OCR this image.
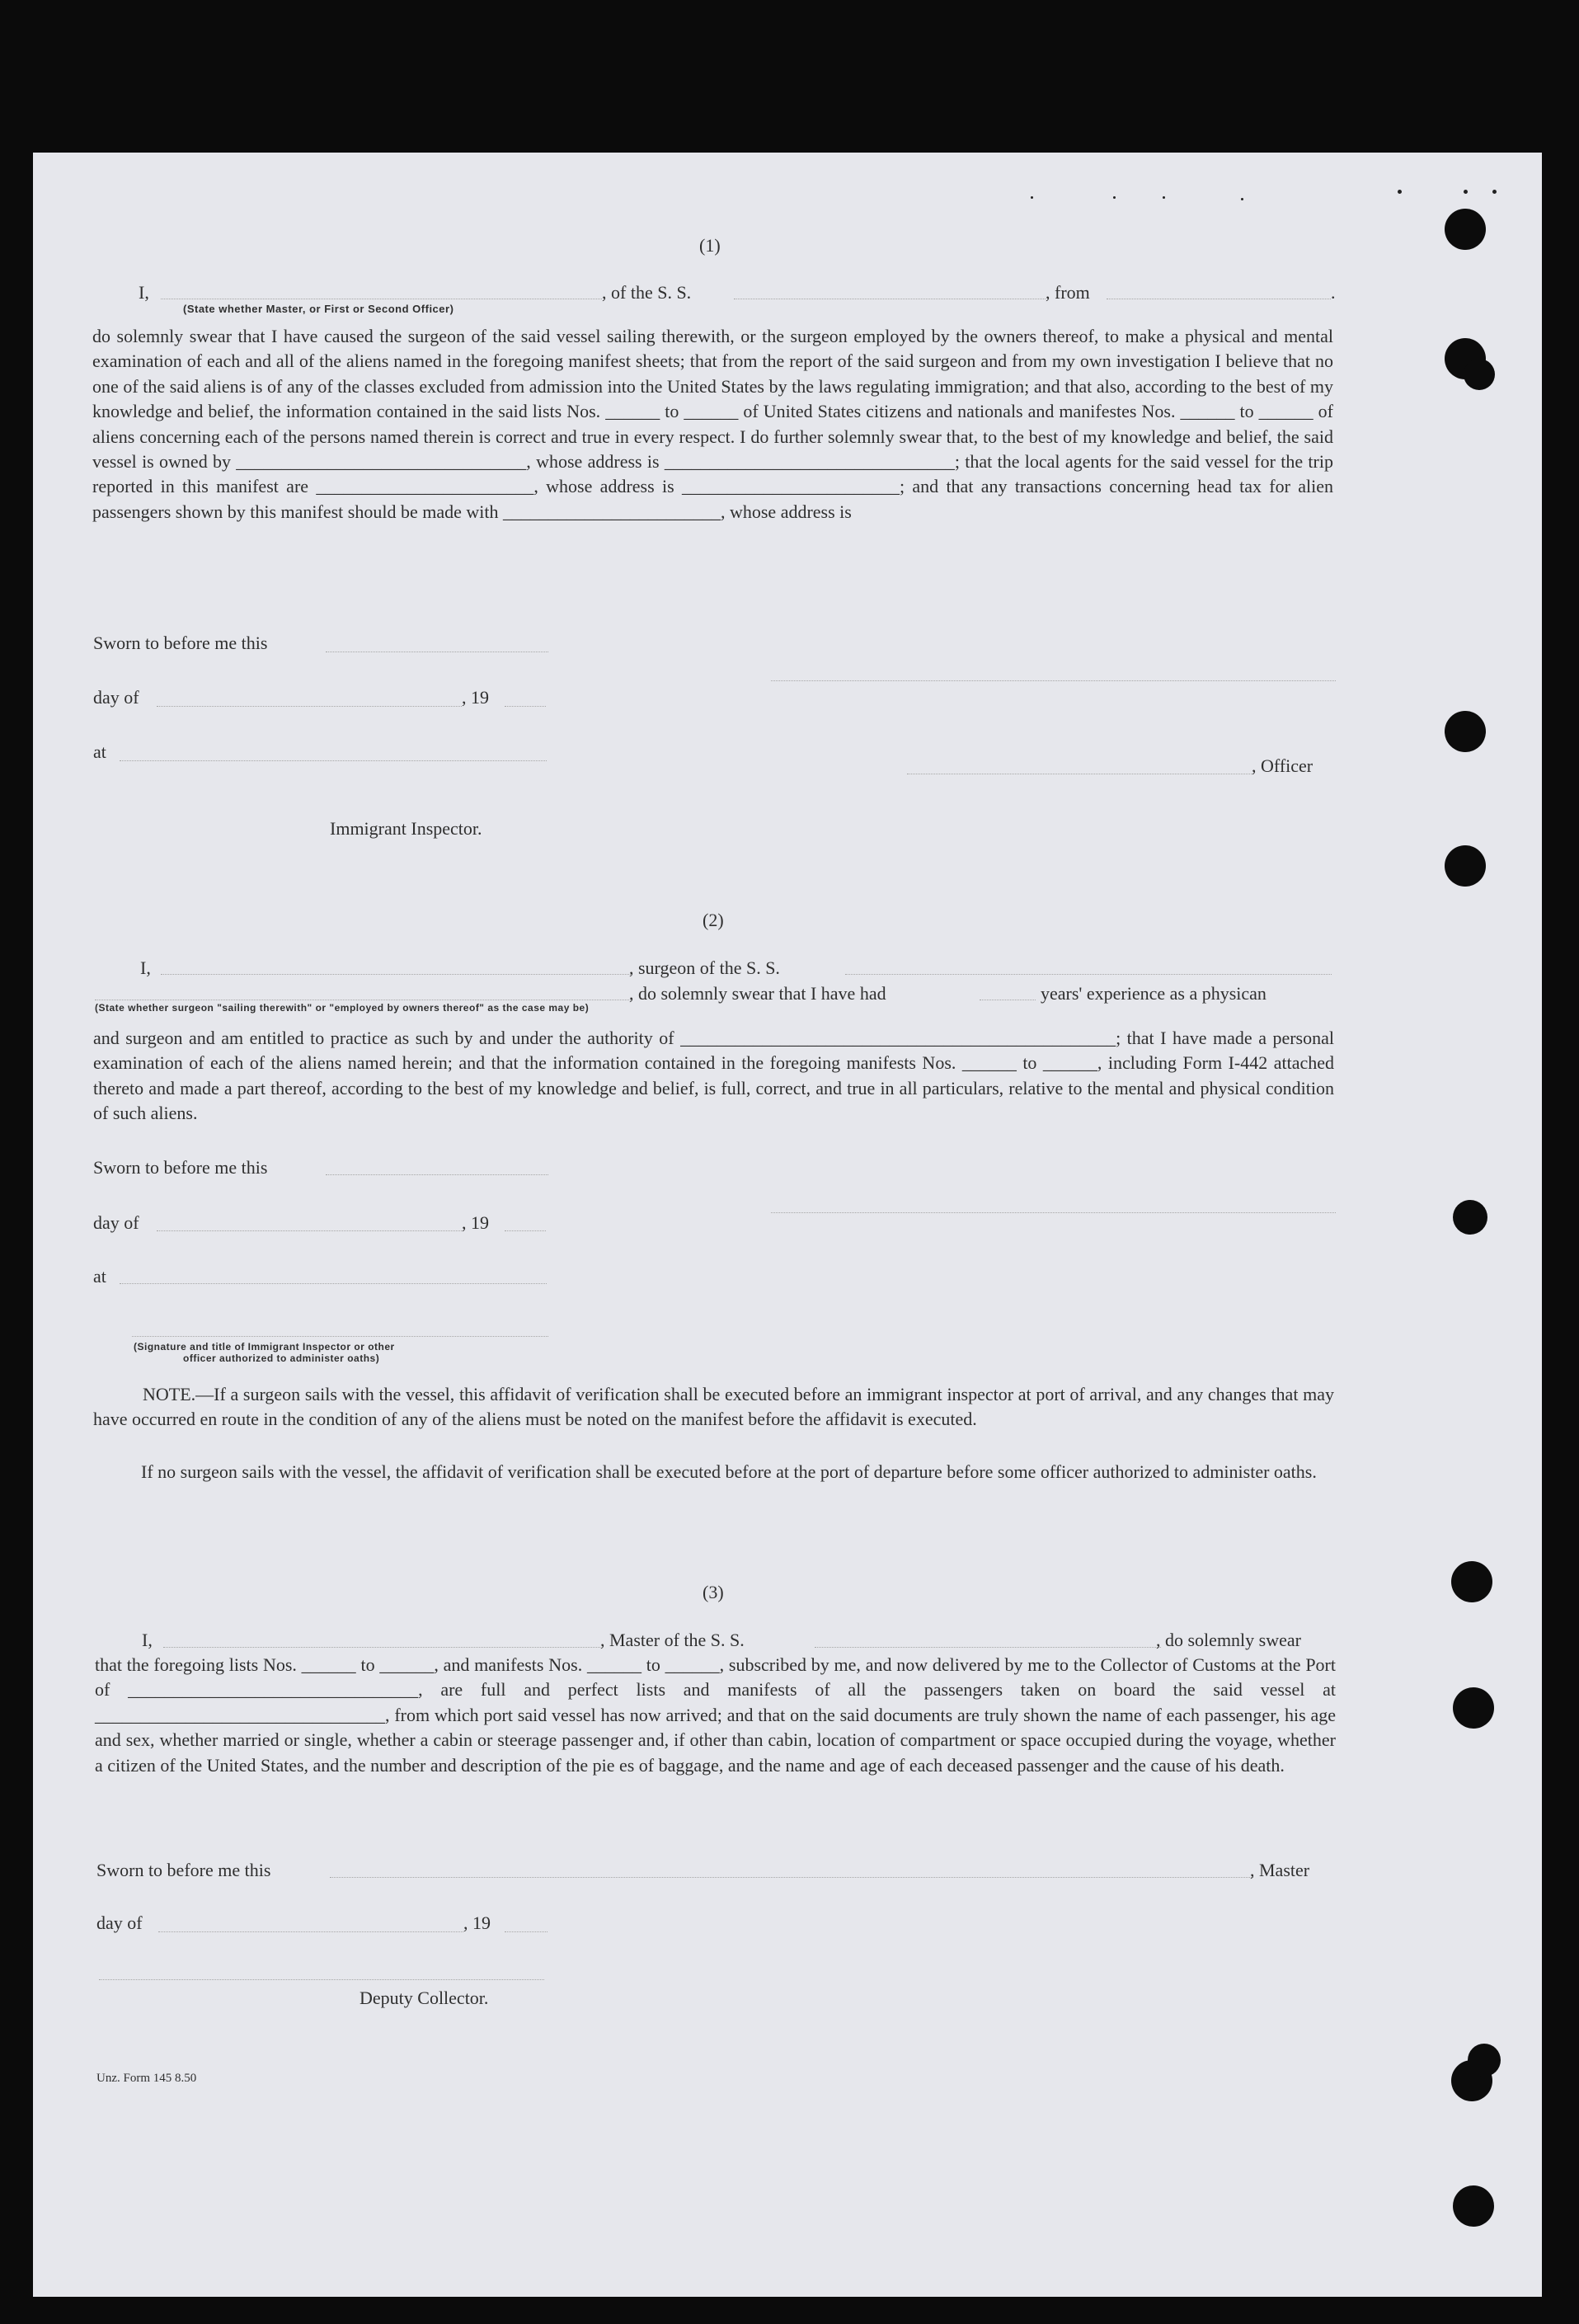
(1)
I,	, of the S. S.	, from	.
(State whether Master, or First or Second Officer)
do solemnly swear that I have caused the surgeon of the said vessel sailing therewith, or the surgeon employed by the owners thereof, to make a physical and mental examination of each and all of the aliens named in the foregoing manifest sheets; that from the report of the said surgeon and from my own investigation I believe that no one of the said aliens is of any of the classes excluded from admission into the United States by the laws regulating immigration; and that also, according to the best of my knowledge and belief, the information contained in the said lists Nos. ______ to ______ of United States citizens and nationals and manifestes Nos. ______ to ______ of aliens concerning each of the persons named therein is correct and true in every respect. I do further solemnly swear that, to the best of my knowledge and belief, the said vessel is owned by ________________________________, whose address is ________________________________; that the local agents for the said vessel for the trip reported in this manifest are ________________________, whose address is ________________________; and that any transactions concerning head tax for alien passengers shown by this manifest should be made with ________________________, whose address is
Sworn to before me this
day of	, 19
at
, Officer
Immigrant Inspector.
(2)
I,	, surgeon of the S. S.
, do solemnly swear that I have had	years' experience as a physican
(State whether surgeon "sailing therewith" or "employed by owners thereof" as the case may be)
and surgeon and am entitled to practice as such by and under the authority of ________________________________________________; that I have made a personal examination of each of the aliens named herein; and that the information contained in the foregoing manifests Nos. ______ to ______, including Form I-442 attached thereto and made a part thereof, according to the best of my knowledge and belief, is full, correct, and true in all particulars, relative to the mental and physical condition of such aliens.
Sworn to before me this
day of	, 19
at
(Signature and title of Immigrant Inspector or other
officer authorized to administer oaths)
NOTE.—If a surgeon sails with the vessel, this affidavit of verification shall be executed before an immigrant inspector at port of arrival, and any changes that may have occurred en route in the condition of any of the aliens must be noted on the manifest before the affidavit is executed.
If no surgeon sails with the vessel, the affidavit of verification shall be executed before at the port of departure before some officer authorized to administer oaths.
(3)
I,	, Master of the S. S.	, do solemnly swear
that the foregoing lists Nos. ______ to ______, and manifests Nos. ______ to ______, subscribed by me, and now delivered by me to the Collector of Customs at the Port of ________________________________, are full and perfect lists and manifests of all the passengers taken on board the said vessel at ________________________________, from which port said vessel has now arrived; and that on the said documents are truly shown the name of each passenger, his age and sex, whether married or single, whether a cabin or steerage passenger and, if other than cabin, location of compartment or space occupied during the voyage, whether a citizen of the United States, and the number and description of the pie es of baggage, and the name and age of each deceased passenger and the cause of his death.
Sworn to before me this	, Master
day of	, 19
Deputy Collector.
Unz. Form 145 8.50
